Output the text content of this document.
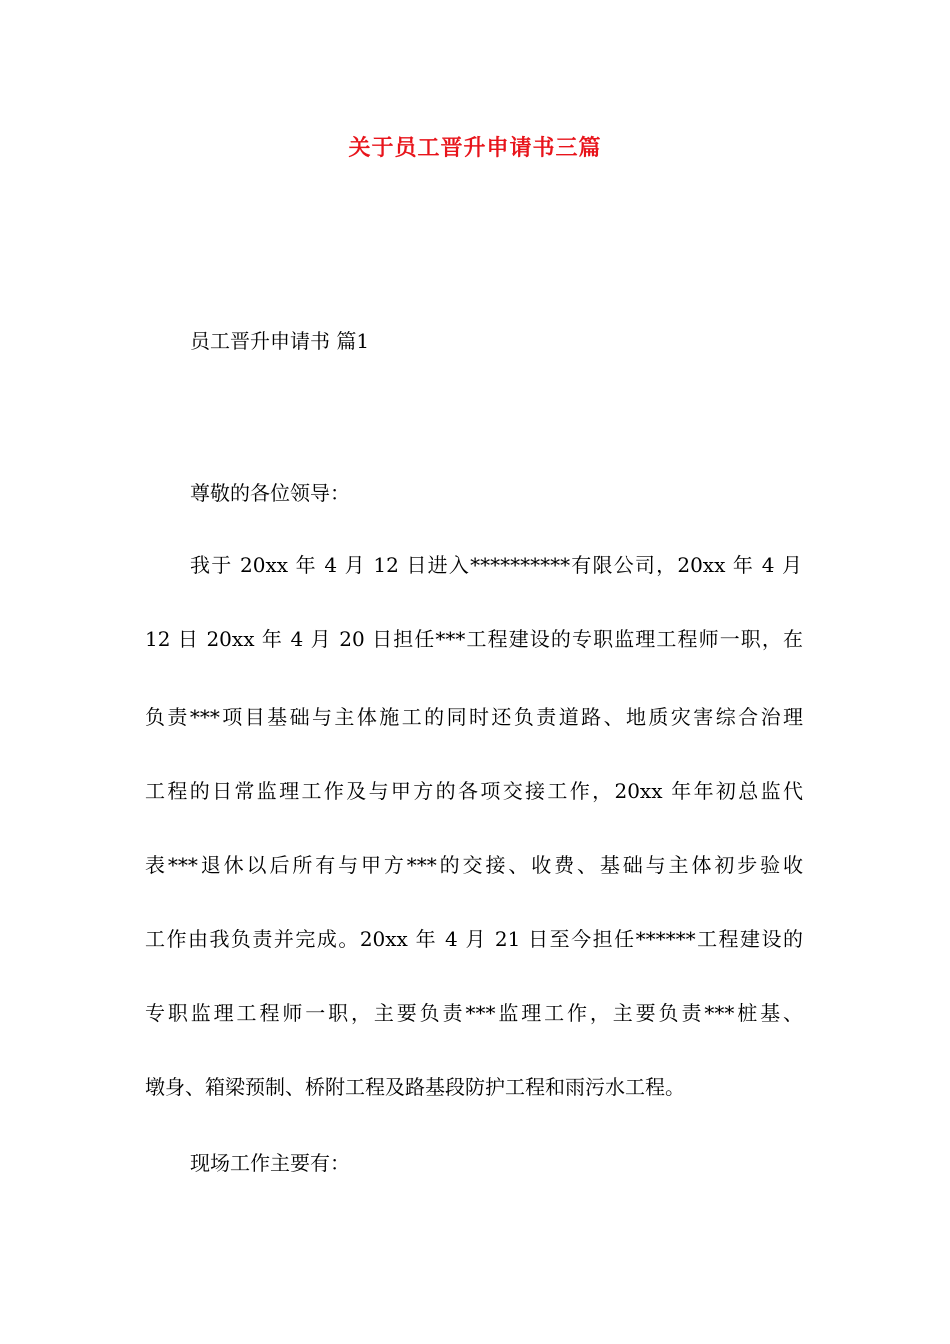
关于员工晋升申请书三篇
员工晋升申请书 篇1
尊敬的各位领导：
我于 20xx 年 4 月 12 日进入**********有限公司，20xx 年 4 月
12 日 20xx 年 4 月 20 日担任***工程建设的专职监理工程师一职，在
负责***项目基础与主体施工的同时还负责道路、地质灾害综合治理
工程的日常监理工作及与甲方的各项交接工作，20xx 年年初总监代
表***退休以后所有与甲方***的交接、收费、基础与主体初步验收
工作由我负责并完成。20xx 年 4 月 21 日至今担任******工程建设的
专职监理工程师一职，主要负责***监理工作，主要负责***桩基、
墩身、箱梁预制、桥附工程及路基段防护工程和雨污水工程。
现场工作主要有：
